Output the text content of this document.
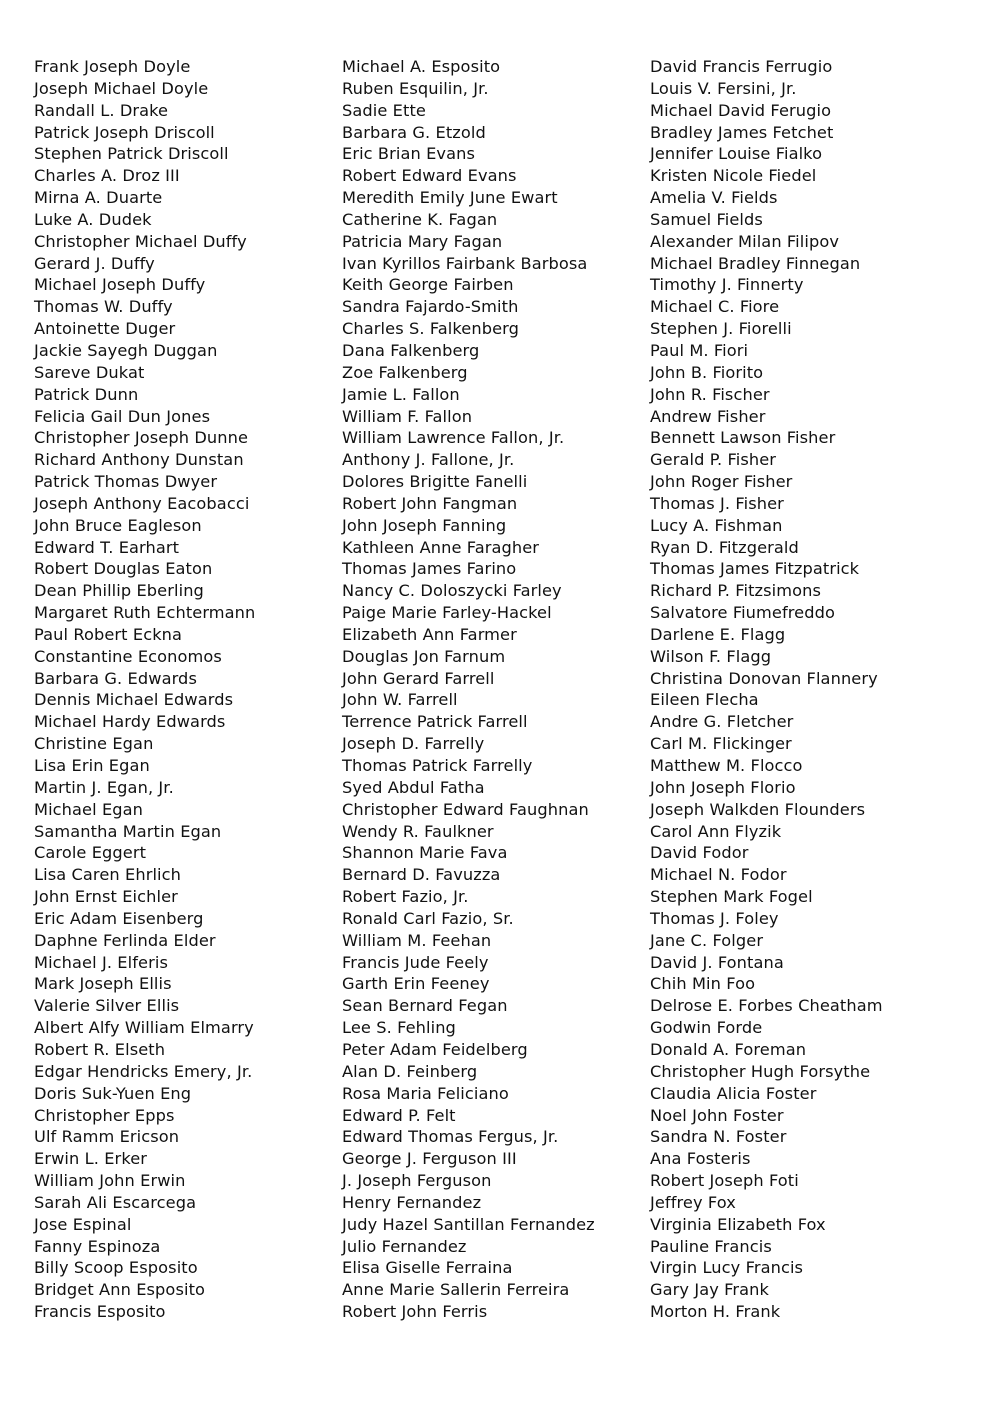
Frank Joseph Doyle
Joseph Michael Doyle
Randall L. Drake
Patrick Joseph Driscoll
Stephen Patrick Driscoll
Charles A. Droz III
Mirna A. Duarte
Luke A. Dudek
Christopher Michael Duffy
Gerard J. Duffy
Michael Joseph Duffy
Thomas W. Duffy
Antoinette Duger
Jackie Sayegh Duggan
Sareve Dukat
Patrick Dunn
Felicia Gail Dun Jones
Christopher Joseph Dunne
Richard Anthony Dunstan
Patrick Thomas Dwyer
Joseph Anthony Eacobacci
John Bruce Eagleson
Edward T. Earhart
Robert Douglas Eaton
Dean Phillip Eberling
Margaret Ruth Echtermann
Paul Robert Eckna
Constantine Economos
Barbara G. Edwards
Dennis Michael Edwards
Michael Hardy Edwards
Christine Egan
Lisa Erin Egan
Martin J. Egan, Jr.
Michael Egan
Samantha Martin Egan
Carole Eggert
Lisa Caren Ehrlich
John Ernst Eichler
Eric Adam Eisenberg
Daphne Ferlinda Elder
Michael J. Elferis
Mark Joseph Ellis
Valerie Silver Ellis
Albert Alfy William Elmarry
Robert R. Elseth
Edgar Hendricks Emery, Jr.
Doris Suk-Yuen Eng
Christopher Epps
Ulf Ramm Ericson
Erwin L. Erker
William John Erwin
Sarah Ali Escarcega
Jose Espinal
Fanny Espinoza
Billy Scoop Esposito
Bridget Ann Esposito
Francis Esposito
Michael A. Esposito
Ruben Esquilin, Jr.
Sadie Ette
Barbara G. Etzold
Eric Brian Evans
Robert Edward Evans
Meredith Emily June Ewart
Catherine K. Fagan
Patricia Mary Fagan
Ivan Kyrillos Fairbank Barbosa
Keith George Fairben
Sandra Fajardo-Smith
Charles S. Falkenberg
Dana Falkenberg
Zoe Falkenberg
Jamie L. Fallon
William F. Fallon
William Lawrence Fallon, Jr.
Anthony J. Fallone, Jr.
Dolores Brigitte Fanelli
Robert John Fangman
John Joseph Fanning
Kathleen Anne Faragher
Thomas James Farino
Nancy C. Doloszycki Farley
Paige Marie Farley-Hackel
Elizabeth Ann Farmer
Douglas Jon Farnum
John Gerard Farrell
John W. Farrell
Terrence Patrick Farrell
Joseph D. Farrelly
Thomas Patrick Farrelly
Syed Abdul Fatha
Christopher Edward Faughnan
Wendy R. Faulkner
Shannon Marie Fava
Bernard D. Favuzza
Robert Fazio, Jr.
Ronald Carl Fazio, Sr.
William M. Feehan
Francis Jude Feely
Garth Erin Feeney
Sean Bernard Fegan
Lee S. Fehling
Peter Adam Feidelberg
Alan D. Feinberg
Rosa Maria Feliciano
Edward P. Felt
Edward Thomas Fergus, Jr.
George J. Ferguson III
J. Joseph Ferguson
Henry Fernandez
Judy Hazel Santillan Fernandez
Julio Fernandez
Elisa Giselle Ferraina
Anne Marie Sallerin Ferreira
Robert John Ferris
David Francis Ferrugio
Louis V. Fersini, Jr.
Michael David Ferugio
Bradley James Fetchet
Jennifer Louise Fialko
Kristen Nicole Fiedel
Amelia V. Fields
Samuel Fields
Alexander Milan Filipov
Michael Bradley Finnegan
Timothy J. Finnerty
Michael C. Fiore
Stephen J. Fiorelli
Paul M. Fiori
John B. Fiorito
John R. Fischer
Andrew Fisher
Bennett Lawson Fisher
Gerald P. Fisher
John Roger Fisher
Thomas J. Fisher
Lucy A. Fishman
Ryan D. Fitzgerald
Thomas James Fitzpatrick
Richard P. Fitzsimons
Salvatore Fiumefreddo
Darlene E. Flagg
Wilson F. Flagg
Christina Donovan Flannery
Eileen Flecha
Andre G. Fletcher
Carl M. Flickinger
Matthew M. Flocco
John Joseph Florio
Joseph Walkden Flounders
Carol Ann Flyzik
David Fodor
Michael N. Fodor
Stephen Mark Fogel
Thomas J. Foley
Jane C. Folger
David J. Fontana
Chih Min Foo
Delrose E. Forbes Cheatham
Godwin Forde
Donald A. Foreman
Christopher Hugh Forsythe
Claudia Alicia Foster
Noel John Foster
Sandra N. Foster
Ana Fosteris
Robert Joseph Foti
Jeffrey Fox
Virginia Elizabeth Fox
Pauline Francis
Virgin Lucy Francis
Gary Jay Frank
Morton H. Frank
